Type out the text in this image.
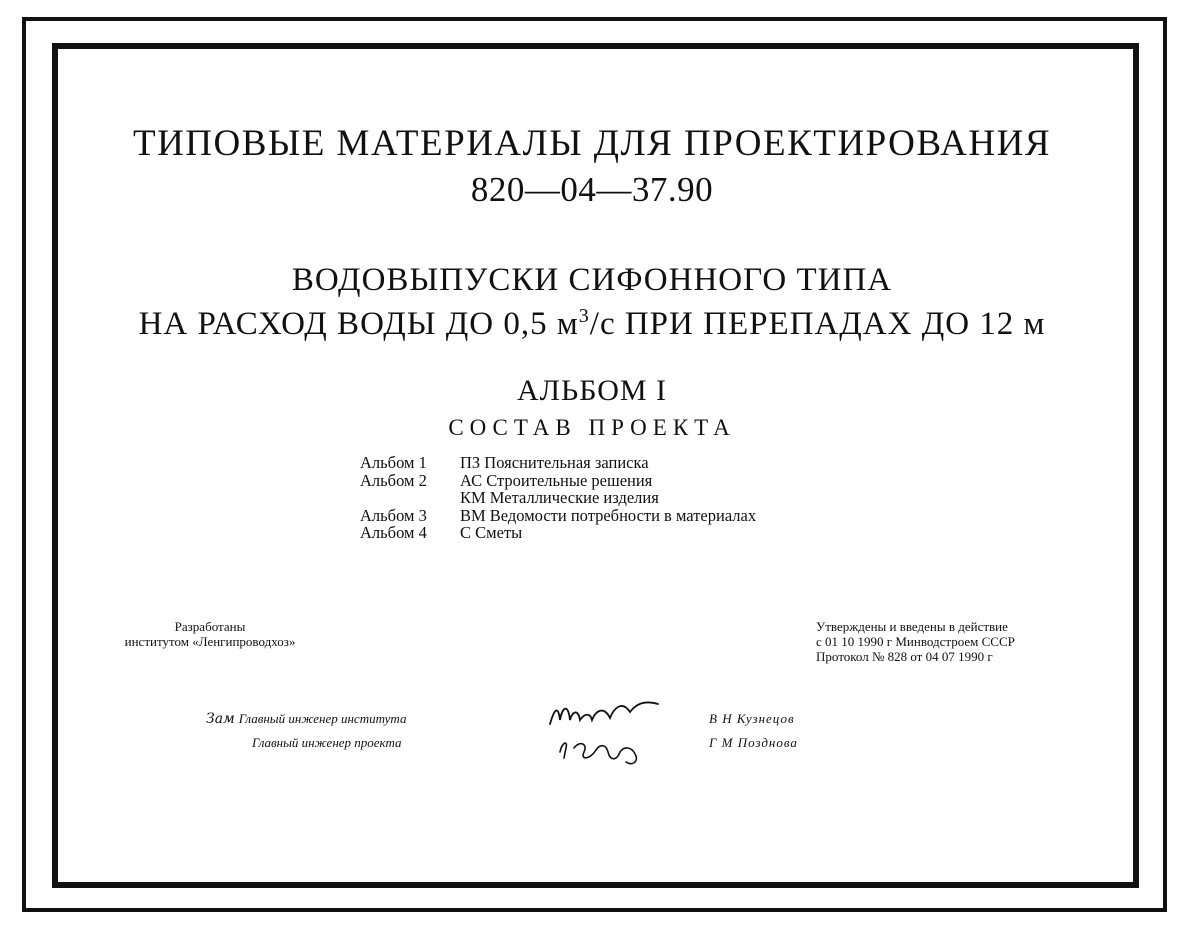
ТИПОВЫЕ МАТЕРИАЛЫ ДЛЯ ПРОЕКТИРОВАНИЯ
820—04—37.90
ВОДОВЫПУСКИ СИФОННОГО ТИПА
НА РАСХОД ВОДЫ ДО 0,5 $м^3/с$ ПРИ ПЕРЕПАДАХ ДО 12 м
АЛЬБОМ I
СОСТАВ ПРОЕКТА
Альбом 1	ПЗ Пояснительная записка
Альбом 2	АС Строительные решения
КМ Металлические изделия
Альбом 3	ВМ Ведомости потребности в материалах
Альбом 4	С Сметы
Разработаны
институтом «Ленгипроводхоз»
Утверждены и введены в действие
с 01 10 1990 г Минводстроем СССР
Протокол № 828 от 04 07 1990 г
Зам Главный инженер института
Главный инженер проекта
В Н Кузнецов
Г М Позднова
